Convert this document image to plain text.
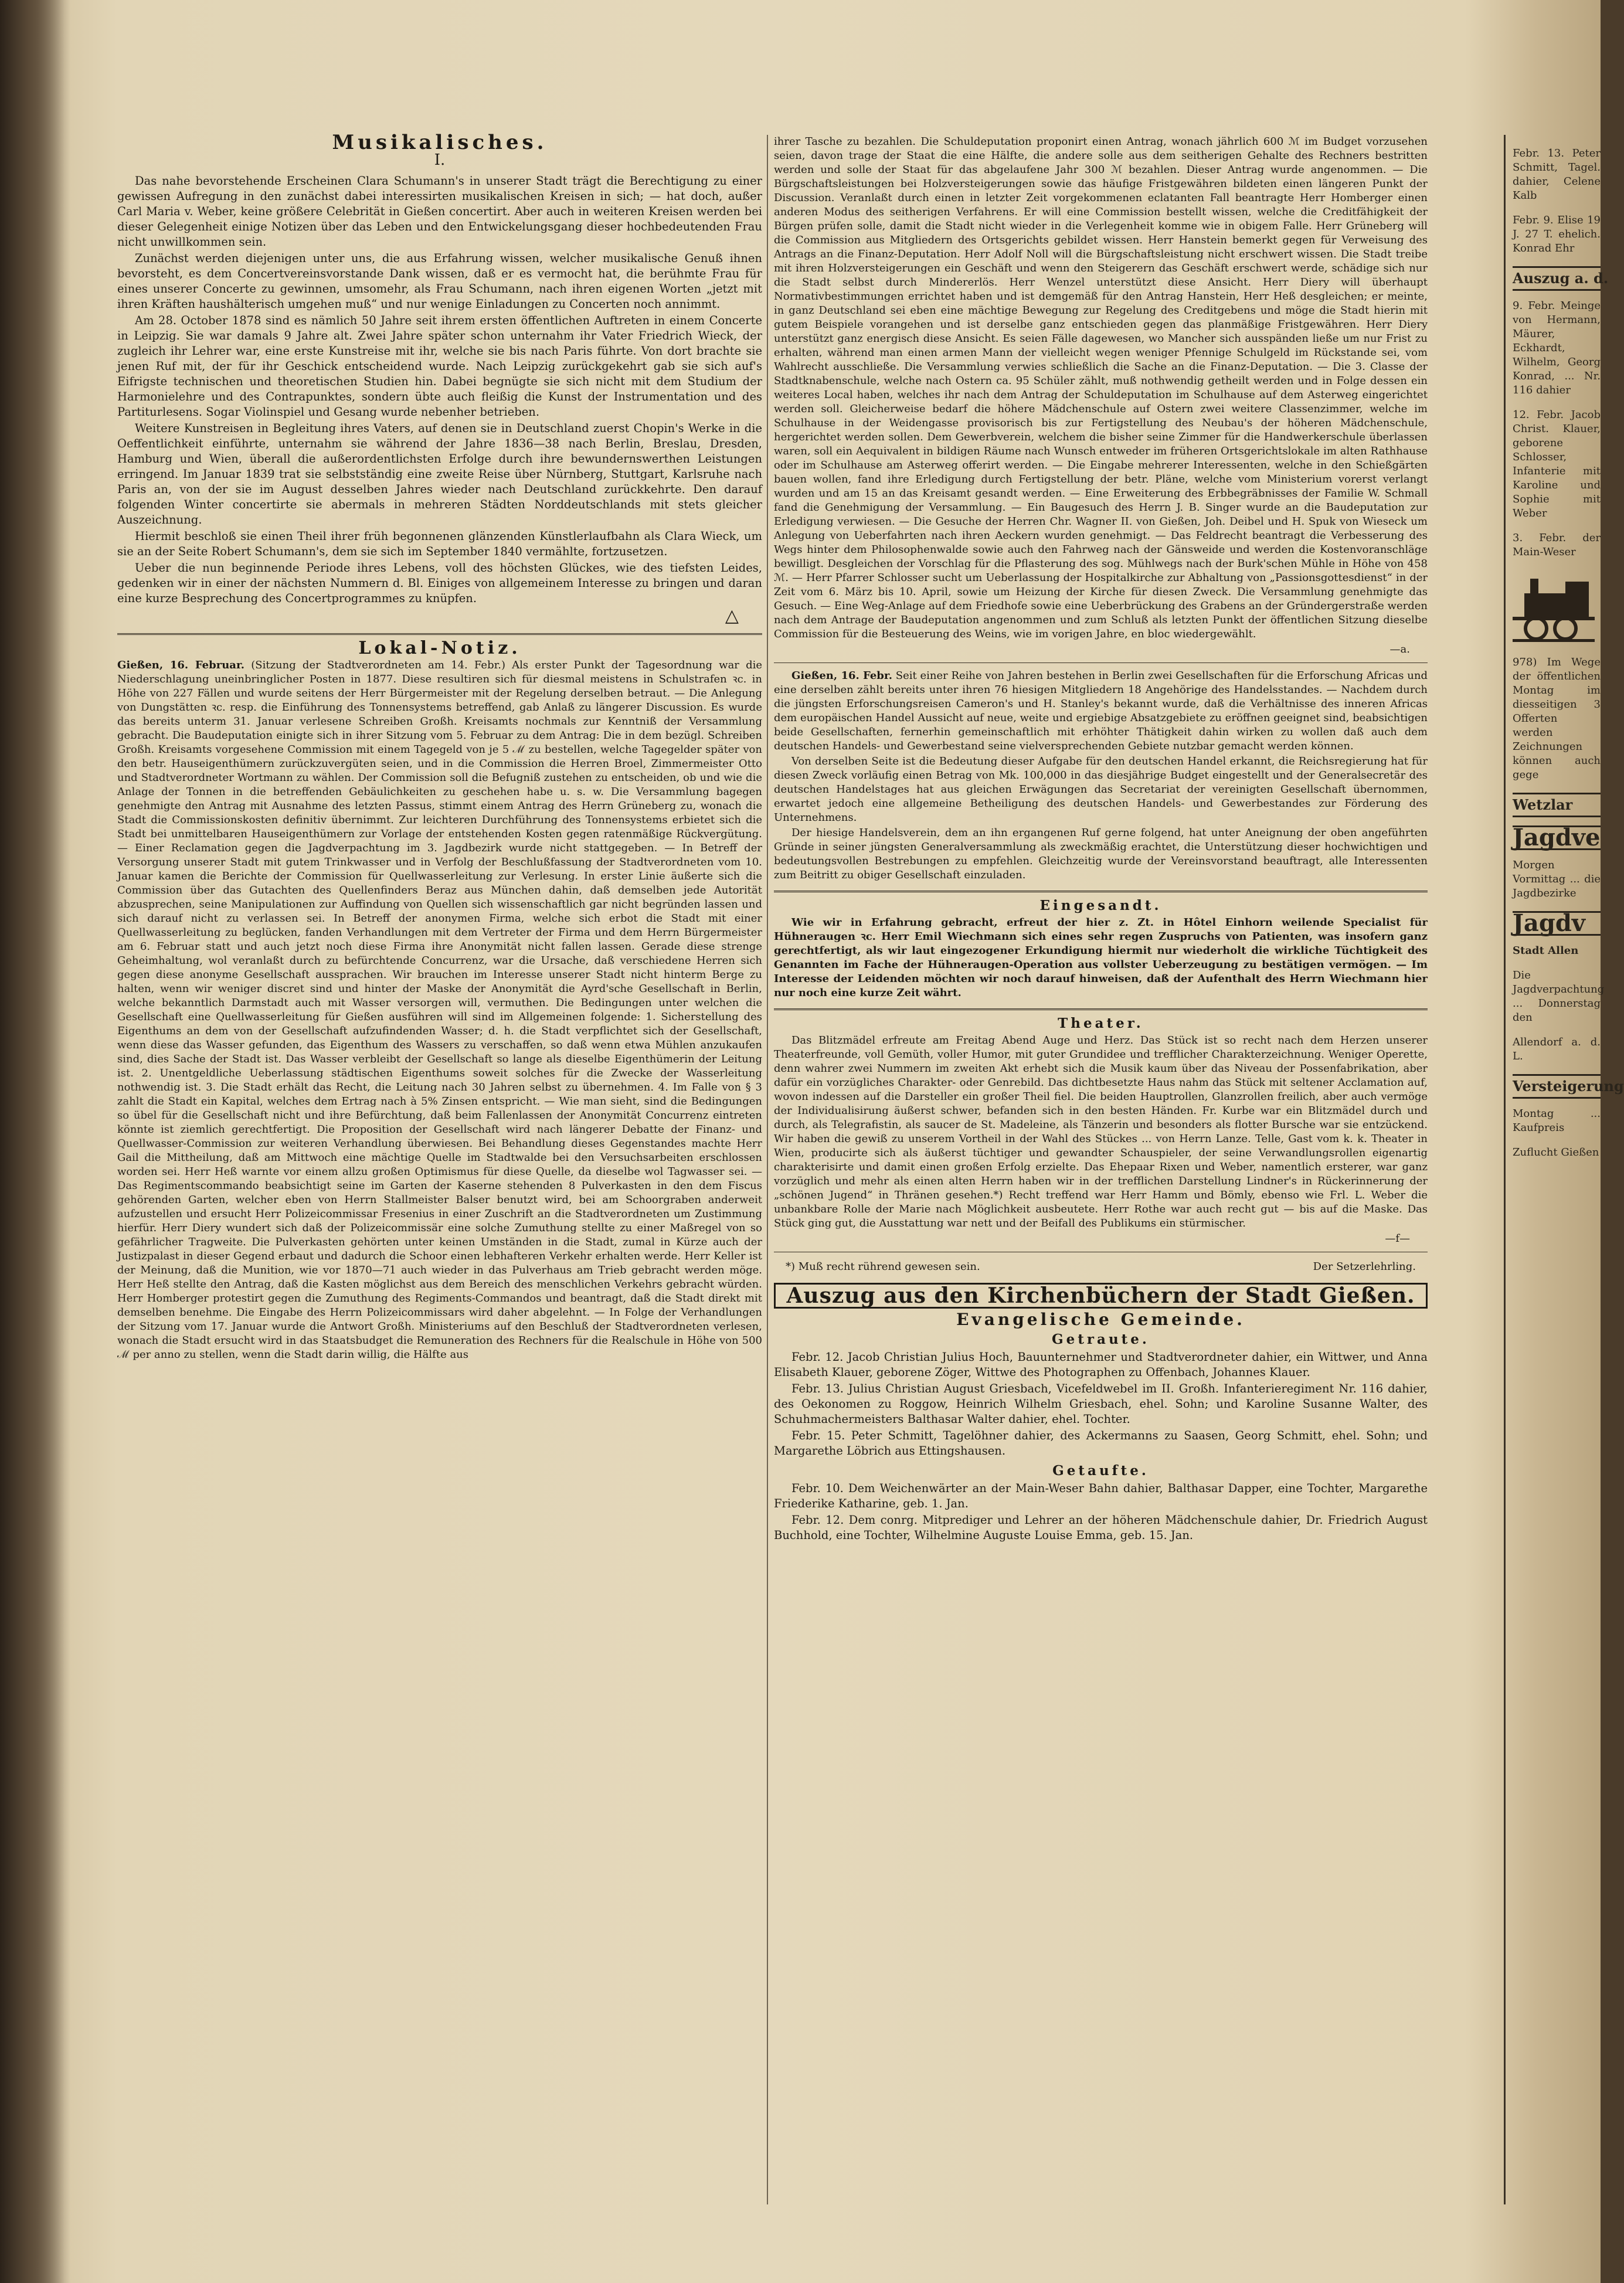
Musikalisches.
I.

Das nahe bevorstehende Erscheinen Clara Schumann's in unserer Stadt trägt die Berechtigung zu einer gewissen Aufregung in den zunächst dabei interessirten musikalischen Kreisen in sich; — hat doch, außer Carl Maria v. Weber, keine größere Celebrität in Gießen concertirt. Aber auch in weiteren Kreisen werden bei dieser Gelegenheit einige Notizen über das Leben und den Entwickelungsgang dieser hochbedeutenden Frau nicht unwillkommen sein.

Zunächst werden diejenigen unter uns, die aus Erfahrung wissen, welcher musikalische Genuß ihnen bevorsteht, es dem Concertvereinsvorstande Dank wissen, daß er es vermocht hat, die berühmte Frau für eines unserer Concerte zu gewinnen, umsomehr, als Frau Schumann, nach ihren eigenen Worten „jetzt mit ihren Kräften haushälterisch umgehen muß“ und nur wenige Einladungen zu Concerten noch annimmt.

Am 28. October 1878 sind es nämlich 50 Jahre seit ihrem ersten öffentlichen Auftreten in einem Concerte in Leipzig. Sie war damals 9 Jahre alt. Zwei Jahre später schon unternahm ihr Vater Friedrich Wieck, der zugleich ihr Lehrer war, eine erste Kunstreise mit ihr, welche sie bis nach Paris führte. Von dort brachte sie jenen Ruf mit, der für ihr Geschick entscheidend wurde. Nach Leipzig zurückgekehrt gab sie sich auf's Eifrigste technischen und theoretischen Studien hin. Dabei begnügte sie sich nicht mit dem Studium der Harmonielehre und des Contrapunktes, sondern übte auch fleißig die Kunst der Instrumentation und des Partiturlesens. Sogar Violinspiel und Gesang wurde nebenher betrieben.

Weitere Kunstreisen in Begleitung ihres Vaters, auf denen sie in Deutschland zuerst Chopin's Werke in die Oeffentlichkeit einführte, unternahm sie während der Jahre 1836—38 nach Berlin, Breslau, Dresden, Hamburg und Wien, überall die außerordentlichsten Erfolge durch ihre bewundernswerthen Leistungen erringend. Im Januar 1839 trat sie selbstständig eine zweite Reise über Nürnberg, Stuttgart, Karlsruhe nach Paris an, von der sie im August desselben Jahres wieder nach Deutschland zurückkehrte. Den darauf folgenden Winter concertirte sie abermals in mehreren Städten Norddeutschlands mit stets gleicher Auszeichnung.

Hiermit beschloß sie einen Theil ihrer früh begonnenen glänzenden Künstlerlaufbahn als Clara Wieck, um sie an der Seite Robert Schumann's, dem sie sich im September 1840 vermählte, fortzusetzen.

Ueber die nun beginnende Periode ihres Lebens, voll des höchsten Glückes, wie des tiefsten Leides, gedenken wir in einer der nächsten Nummern d. Bl. Einiges von allgemeinem Interesse zu bringen und daran eine kurze Besprechung des Concertprogrammes zu knüpfen.

△
Lokal-Notiz.

Gießen, 16. Februar. (Sitzung der Stadtverordneten am 14. Febr.) Als erster Punkt der Tagesordnung war die Niederschlagung uneinbringlicher Posten in 1877. Diese resultiren sich für diesmal meistens in Schulstrafen ꝛc. in Höhe von 227 Fällen und wurde seitens der Herr Bürgermeister mit der Regelung derselben betraut. — Die Anlegung von Dungstätten ꝛc. resp. die Einführung des Tonnensystems betreffend, gab Anlaß zu längerer Discussion. Es wurde das bereits unterm 31. Januar verlesene Schreiben Großh. Kreisamts nochmals zur Kenntniß der Versammlung gebracht. Die Baudeputation einigte sich in ihrer Sitzung vom 5. Februar zu dem Antrag: Die in dem bezügl. Schreiben Großh. Kreisamts vorgesehene Commission mit einem Tagegeld von je 5 ℳ zu bestellen, welche Tagegelder später von den betr. Hauseigenthümern zurückzuvergüten seien, und in die Commission die Herren Broel, Zimmermeister Otto und Stadtverordneter Wortmann zu wählen. Der Commission soll die Befugniß zustehen zu entscheiden, ob und wie die Anlage der Tonnen in die betreffenden Gebäulichkeiten zu geschehen habe u. s. w. Die Versammlung bagegen genehmigte den Antrag mit Ausnahme des letzten Passus, stimmt einem Antrag des Herrn Grüneberg zu, wonach die Stadt die Commissionskosten definitiv übernimmt. Zur leichteren Durchführung des Tonnensystems erbietet sich die Stadt bei unmittelbaren Hauseigenthümern zur Vorlage der entstehenden Kosten gegen ratenmäßige Rückvergütung. — Einer Reclamation gegen die Jagdverpachtung im 3. Jagdbezirk wurde nicht stattgegeben. — In Betreff der Versorgung unserer Stadt mit gutem Trinkwasser und in Verfolg der Beschlußfassung der Stadtverordneten vom 10. Januar kamen die Berichte der Commission für Quellwasserleitung zur Verlesung. In erster Linie äußerte sich die Commission über das Gutachten des Quellenfinders Beraz aus München dahin, daß demselben jede Autorität abzusprechen, seine Manipulationen zur Auffindung von Quellen sich wissenschaftlich gar nicht begründen lassen und sich darauf nicht zu verlassen sei. In Betreff der anonymen Firma, welche sich erbot die Stadt mit einer Quellwasserleitung zu beglücken, fanden Verhandlungen mit dem Vertreter der Firma und dem Herrn Bürgermeister am 6. Februar statt und auch jetzt noch diese Firma ihre Anonymität nicht fallen lassen. Gerade diese strenge Geheimhaltung, wol veranlaßt durch zu befürchtende Concurrenz, war die Ursache, daß verschiedene Herren sich gegen diese anonyme Gesellschaft aussprachen. Wir brauchen im Interesse unserer Stadt nicht hinterm Berge zu halten, wenn wir weniger discret sind und hinter der Maske der Anonymität die Ayrd'sche Gesellschaft in Berlin, welche bekanntlich Darmstadt auch mit Wasser versorgen will, vermuthen. Die Bedingungen unter welchen die Gesellschaft eine Quellwasserleitung für Gießen ausführen will sind im Allgemeinen folgende: 1. Sicherstellung des Eigenthums an dem von der Gesellschaft aufzufindenden Wasser; d. h. die Stadt verpflichtet sich der Gesellschaft, wenn diese das Wasser gefunden, das Eigenthum des Wassers zu verschaffen, so daß wenn etwa Mühlen anzukaufen sind, dies Sache der Stadt ist. Das Wasser verbleibt der Gesellschaft so lange als dieselbe Eigenthümerin der Leitung ist. 2. Unentgeldliche Ueberlassung städtischen Eigenthums soweit solches für die Zwecke der Wasserleitung nothwendig ist. 3. Die Stadt erhält das Recht, die Leitung nach 30 Jahren selbst zu übernehmen. 4. Im Falle von § 3 zahlt die Stadt ein Kapital, welches dem Ertrag nach à 5% Zinsen entspricht. — Wie man sieht, sind die Bedingungen so übel für die Gesellschaft nicht und ihre Befürchtung, daß beim Fallenlassen der Anonymität Concurrenz eintreten könnte ist ziemlich gerechtfertigt. Die Proposition der Gesellschaft wird nach längerer Debatte der Finanz- und Quellwasser-Commission zur weiteren Verhandlung überwiesen. Bei Behandlung dieses Gegenstandes machte Herr Gail die Mittheilung, daß am Mittwoch eine mächtige Quelle im Stadtwalde bei den Versuchsarbeiten erschlossen worden sei. Herr Heß warnte vor einem allzu großen Optimismus für diese Quelle, da dieselbe wol Tagwasser sei. — Das Regimentscommando beabsichtigt seine im Garten der Kaserne stehenden 8 Pulverkasten in den dem Fiscus gehörenden Garten, welcher eben von Herrn Stallmeister Balser benutzt wird, bei am Schoorgraben anderweit aufzustellen und ersucht Herr Polizeicommissar Fresenius in einer Zuschrift an die Stadtverordneten um Zustimmung hierfür. Herr Diery wundert sich daß der Polizeicommissär eine solche Zumuthung stellte zu einer Maßregel von so gefährlicher Tragweite. Die Pulverkasten gehörten unter keinen Umständen in die Stadt, zumal in Kürze auch der Justizpalast in dieser Gegend erbaut und dadurch die Schoor einen lebhafteren Verkehr erhalten werde. Herr Keller ist der Meinung, daß die Munition, wie vor 1870—71 auch wieder in das Pulverhaus am Trieb gebracht werden möge. Herr Heß stellte den Antrag, daß die Kasten möglichst aus dem Bereich des menschlichen Verkehrs gebracht würden. Herr Homberger protestirt gegen die Zumuthung des Regiments-Commandos und beantragt, daß die Stadt direkt mit demselben benehme. Die Eingabe des Herrn Polizeicommissars wird daher abgelehnt. — In Folge der Verhandlungen der Sitzung vom 17. Januar wurde die Antwort Großh. Ministeriums auf den Beschluß der Stadtverordneten verlesen, wonach die Stadt ersucht wird in das Staatsbudget die Remuneration des Rechners für die Realschule in Höhe von 500 ℳ per anno zu stellen, wenn die Stadt darin willig, die Hälfte aus

ihrer Tasche zu bezahlen. Die Schuldeputation proponirt einen Antrag, wonach jährlich 600 ℳ im Budget vorzusehen seien, davon trage der Staat die eine Hälfte, die andere solle aus dem seitherigen Gehalte des Rechners bestritten werden und solle der Staat für das abgelaufene Jahr 300 ℳ bezahlen. Dieser Antrag wurde angenommen. — Die Bürgschaftsleistungen bei Holzversteigerungen sowie das häufige Fristgewähren bildeten einen längeren Punkt der Discussion. Veranlaßt durch einen in letzter Zeit vorgekommenen eclatanten Fall beantragte Herr Homberger einen anderen Modus des seitherigen Verfahrens. Er will eine Commission bestellt wissen, welche die Creditfähigkeit der Bürgen prüfen solle, damit die Stadt nicht wieder in die Verlegenheit komme wie in obigem Falle. Herr Grüneberg will die Commission aus Mitgliedern des Ortsgerichts gebildet wissen. Herr Hanstein bemerkt gegen für Verweisung des Antrags an die Finanz-Deputation. Herr Adolf Noll will die Bürgschaftsleistung nicht erschwert wissen. Die Stadt treibe mit ihren Holzversteigerungen ein Geschäft und wenn den Steigerern das Geschäft erschwert werde, schädige sich nur die Stadt selbst durch Mindererlös. Herr Wenzel unterstützt diese Ansicht. Herr Diery will überhaupt Normativbestimmungen errichtet haben und ist demgemäß für den Antrag Hanstein, Herr Heß desgleichen; er meinte, in ganz Deutschland sei eben eine mächtige Bewegung zur Regelung des Creditgebens und möge die Stadt hierin mit gutem Beispiele vorangehen und ist derselbe ganz entschieden gegen das planmäßige Fristgewähren. Herr Diery unterstützt ganz energisch diese Ansicht. Es seien Fälle dagewesen, wo Mancher sich ausspänden ließe um nur Frist zu erhalten, während man einen armen Mann der vielleicht wegen weniger Pfennige Schulgeld im Rückstande sei, vom Wahlrecht ausschließe. Die Versammlung verwies schließlich die Sache an die Finanz-Deputation. — Die 3. Classe der Stadtknabenschule, welche nach Ostern ca. 95 Schüler zählt, muß nothwendig getheilt werden und in Folge dessen ein weiteres Local haben, welches ihr nach dem Antrag der Schuldeputation im Schulhause auf dem Asterweg eingerichtet werden soll. Gleicherweise bedarf die höhere Mädchenschule auf Ostern zwei weitere Classenzimmer, welche im Schulhause in der Weidengasse provisorisch bis zur Fertigstellung des Neubau's der höheren Mädchenschule, hergerichtet werden sollen. Dem Gewerbverein, welchem die bisher seine Zimmer für die Handwerkerschule überlassen waren, soll ein Aequivalent in bildigen Räume nach Wunsch entweder im früheren Ortsgerichtslokale im alten Rathhause oder im Schulhause am Asterweg offerirt werden. — Die Eingabe mehrerer Interessenten, welche in den Schießgärten bauen wollen, fand ihre Erledigung durch Fertigstellung der betr. Pläne, welche vom Ministerium vorerst verlangt wurden und am 15 an das Kreisamt gesandt werden. — Eine Erweiterung des Erbbegräbnisses der Familie W. Schmall fand die Genehmigung der Versammlung. — Ein Baugesuch des Herrn J. B. Singer wurde an die Baudeputation zur Erledigung verwiesen. — Die Gesuche der Herren Chr. Wagner II. von Gießen, Joh. Deibel und H. Spuk von Wieseck um Anlegung von Ueberfahrten nach ihren Aeckern wurden genehmigt. — Das Feldrecht beantragt die Verbesserung des Wegs hinter dem Philosophenwalde sowie auch den Fahrweg nach der Gänsweide und werden die Kostenvoranschläge bewilligt. Desgleichen der Vorschlag für die Pflasterung des sog. Mühlwegs nach der Burk'schen Mühle in Höhe von 458 ℳ. — Herr Pfarrer Schlosser sucht um Ueberlassung der Hospitalkirche zur Abhaltung von „Passionsgottesdienst“ in der Zeit vom 6. März bis 10. April, sowie um Heizung der Kirche für diesen Zweck. Die Versammlung genehmigte das Gesuch. — Eine Weg-Anlage auf dem Friedhofe sowie eine Ueberbrückung des Grabens an der Gründergerstraße werden nach dem Antrage der Baudeputation angenommen und zum Schluß als letzten Punkt der öffentlichen Sitzung dieselbe Commission für die Besteuerung des Weins, wie im vorigen Jahre, en bloc wiedergewählt.

—a.

Gießen, 16. Febr. Seit einer Reihe von Jahren bestehen in Berlin zwei Gesellschaften für die Erforschung Africas und eine derselben zählt bereits unter ihren 76 hiesigen Mitgliedern 18 Angehörige des Handelsstandes. — Nachdem durch die jüngsten Erforschungsreisen Cameron's und H. Stanley's bekannt wurde, daß die Verhältnisse des inneren Africas dem europäischen Handel Aussicht auf neue, weite und ergiebige Absatzgebiete zu eröffnen geeignet sind, beabsichtigen beide Gesellschaften, fernerhin gemeinschaftlich mit erhöhter Thätigkeit dahin wirken zu wollen daß auch dem deutschen Handels- und Gewerbestand seine vielversprechenden Gebiete nutzbar gemacht werden können.

Von derselben Seite ist die Bedeutung dieser Aufgabe für den deutschen Handel erkannt, die Reichsregierung hat für diesen Zweck vorläufig einen Betrag von Mk. 100,000 in das diesjährige Budget eingestellt und der Generalsecretär des deutschen Handelstages hat aus gleichen Erwägungen das Secretariat der vereinigten Gesellschaft übernommen, erwartet jedoch eine allgemeine Betheiligung des deutschen Handels- und Gewerbestandes zur Förderung des Unternehmens.

Der hiesige Handelsverein, dem an ihn ergangenen Ruf gerne folgend, hat unter Aneignung der oben angeführten Gründe in seiner jüngsten Generalversammlung als zweckmäßig erachtet, die Unterstützung dieser hochwichtigen und bedeutungsvollen Bestrebungen zu empfehlen. Gleichzeitig wurde der Vereinsvorstand beauftragt, alle Interessenten zum Beitritt zu obiger Gesellschaft einzuladen.

Eingesandt.

Wie wir in Erfahrung gebracht, erfreut der hier z. Zt. in Hôtel Einhorn weilende Specialist für Hühneraugen ꝛc. Herr Emil Wiechmann sich eines sehr regen Zuspruchs von Patienten, was insofern ganz gerechtfertigt, als wir laut eingezogener Erkundigung hiermit nur wiederholt die wirkliche Tüchtigkeit des Genannten im Fache der Hühneraugen-Operation aus vollster Ueberzeugung zu bestätigen vermögen. — Im Interesse der Leidenden möchten wir noch darauf hinweisen, daß der Aufenthalt des Herrn Wiechmann hier nur noch eine kurze Zeit währt.

Theater.

Das Blitzmädel erfreute am Freitag Abend Auge und Herz. Das Stück ist so recht nach dem Herzen unserer Theaterfreunde, voll Gemüth, voller Humor, mit guter Grundidee und trefflicher Charakterzeichnung. Weniger Operette, denn wahrer zwei Nummern im zweiten Akt erhebt sich die Musik kaum über das Niveau der Possenfabrikation, aber dafür ein vorzügliches Charakter- oder Genrebild. Das dichtbesetzte Haus nahm das Stück mit seltener Acclamation auf, wovon indessen auf die Darsteller ein großer Theil fiel. Die beiden Hauptrollen, Glanzrollen freilich, aber auch vermöge der Individualisirung äußerst schwer, befanden sich in den besten Händen. Fr. Kurbe war ein Blitzmädel durch und durch, als Telegrafistin, als saucer de St. Madeleine, als Tänzerin und besonders als flotter Bursche war sie entzückend. Wir haben die gewiß zu unserem Vortheil in der Wahl des Stückes ... von Herrn Lanze. Telle, Gast vom k. k. Theater in Wien, producirte sich als äußerst tüchtiger und gewandter Schauspieler, der seine Verwandlungsrollen eigenartig charakterisirte und damit einen großen Erfolg erzielte. Das Ehepaar Rixen und Weber, namentlich ersterer, war ganz vorzüglich und mehr als einen alten Herrn haben wir in der trefflichen Darstellung Lindner's in Rückerinnerung der „schönen Jugend“ in Thränen gesehen.*) Recht treffend war Herr Hamm und Bömly, ebenso wie Frl. L. Weber die unbankbare Rolle der Marie nach Möglichkeit ausbeutete. Herr Rothe war auch recht gut — bis auf die Maske. Das Stück ging gut, die Ausstattung war nett und der Beifall des Publikums ein stürmischer.

—f—
*) Muß recht rührend gewesen sein.	Der Setzerlehrling.
Auszug aus den Kirchenbüchern der Stadt Gießen.
Evangelische Gemeinde.
Getraute.

Febr. 12. Jacob Christian Julius Hoch, Bauunternehmer und Stadtverordneter dahier, ein Wittwer, und Anna Elisabeth Klauer, geborene Zöger, Wittwe des Photographen zu Offenbach, Johannes Klauer.

Febr. 13. Julius Christian August Griesbach, Vicefeldwebel im II. Großh. Infanterieregiment Nr. 116 dahier, des Oekonomen zu Roggow, Heinrich Wilhelm Griesbach, ehel. Sohn; und Karoline Susanne Walter, des Schuhmachermeisters Balthasar Walter dahier, ehel. Tochter.

Febr. 15. Peter Schmitt, Tagelöhner dahier, des Ackermanns zu Saasen, Georg Schmitt, ehel. Sohn; und Margarethe Löbrich aus Ettingshausen.

Getaufte.

Febr. 10. Dem Weichenwärter an der Main-Weser Bahn dahier, Balthasar Dapper, eine Tochter, Margarethe Friederike Katharine, geb. 1. Jan.

Febr. 12. Dem conrg. Mitprediger und Lehrer an der höheren Mädchenschule dahier, Dr. Friedrich August Buchhold, eine Tochter, Wilhelmine Auguste Louise Emma, geb. 15. Jan.

Febr. 13. Peter Schmitt, Tagel. dahier, Celene Kalb
Febr. 9. Elise 19 J. 27 T. ehelich. Konrad Ehr
Auszug a. d.
9. Febr. Meinge von Hermann, Mäurer, Eckhardt, Wilhelm, Georg Konrad, ... Nr. 116 dahier
12. Febr. Jacob Christ. Klauer, geborene Schlosser, Infanterie mit Karoline und Sophie mit Weber
3. Febr. der Main-Weser
978) Im Wege der öffentlichen Montag im diesseitigen 3 Offerten werden Zeichnungen können auch gege
Wetzlar
Jagdve
Morgen Vormittag ... die Jagdbezirke
Jagdv
Stadt Allen
Die Jagdverpachtung ... Donnerstag den
Allendorf a. d. L.
Versteigerung
Montag ... Kaufpreis
Zuflucht Gießen
